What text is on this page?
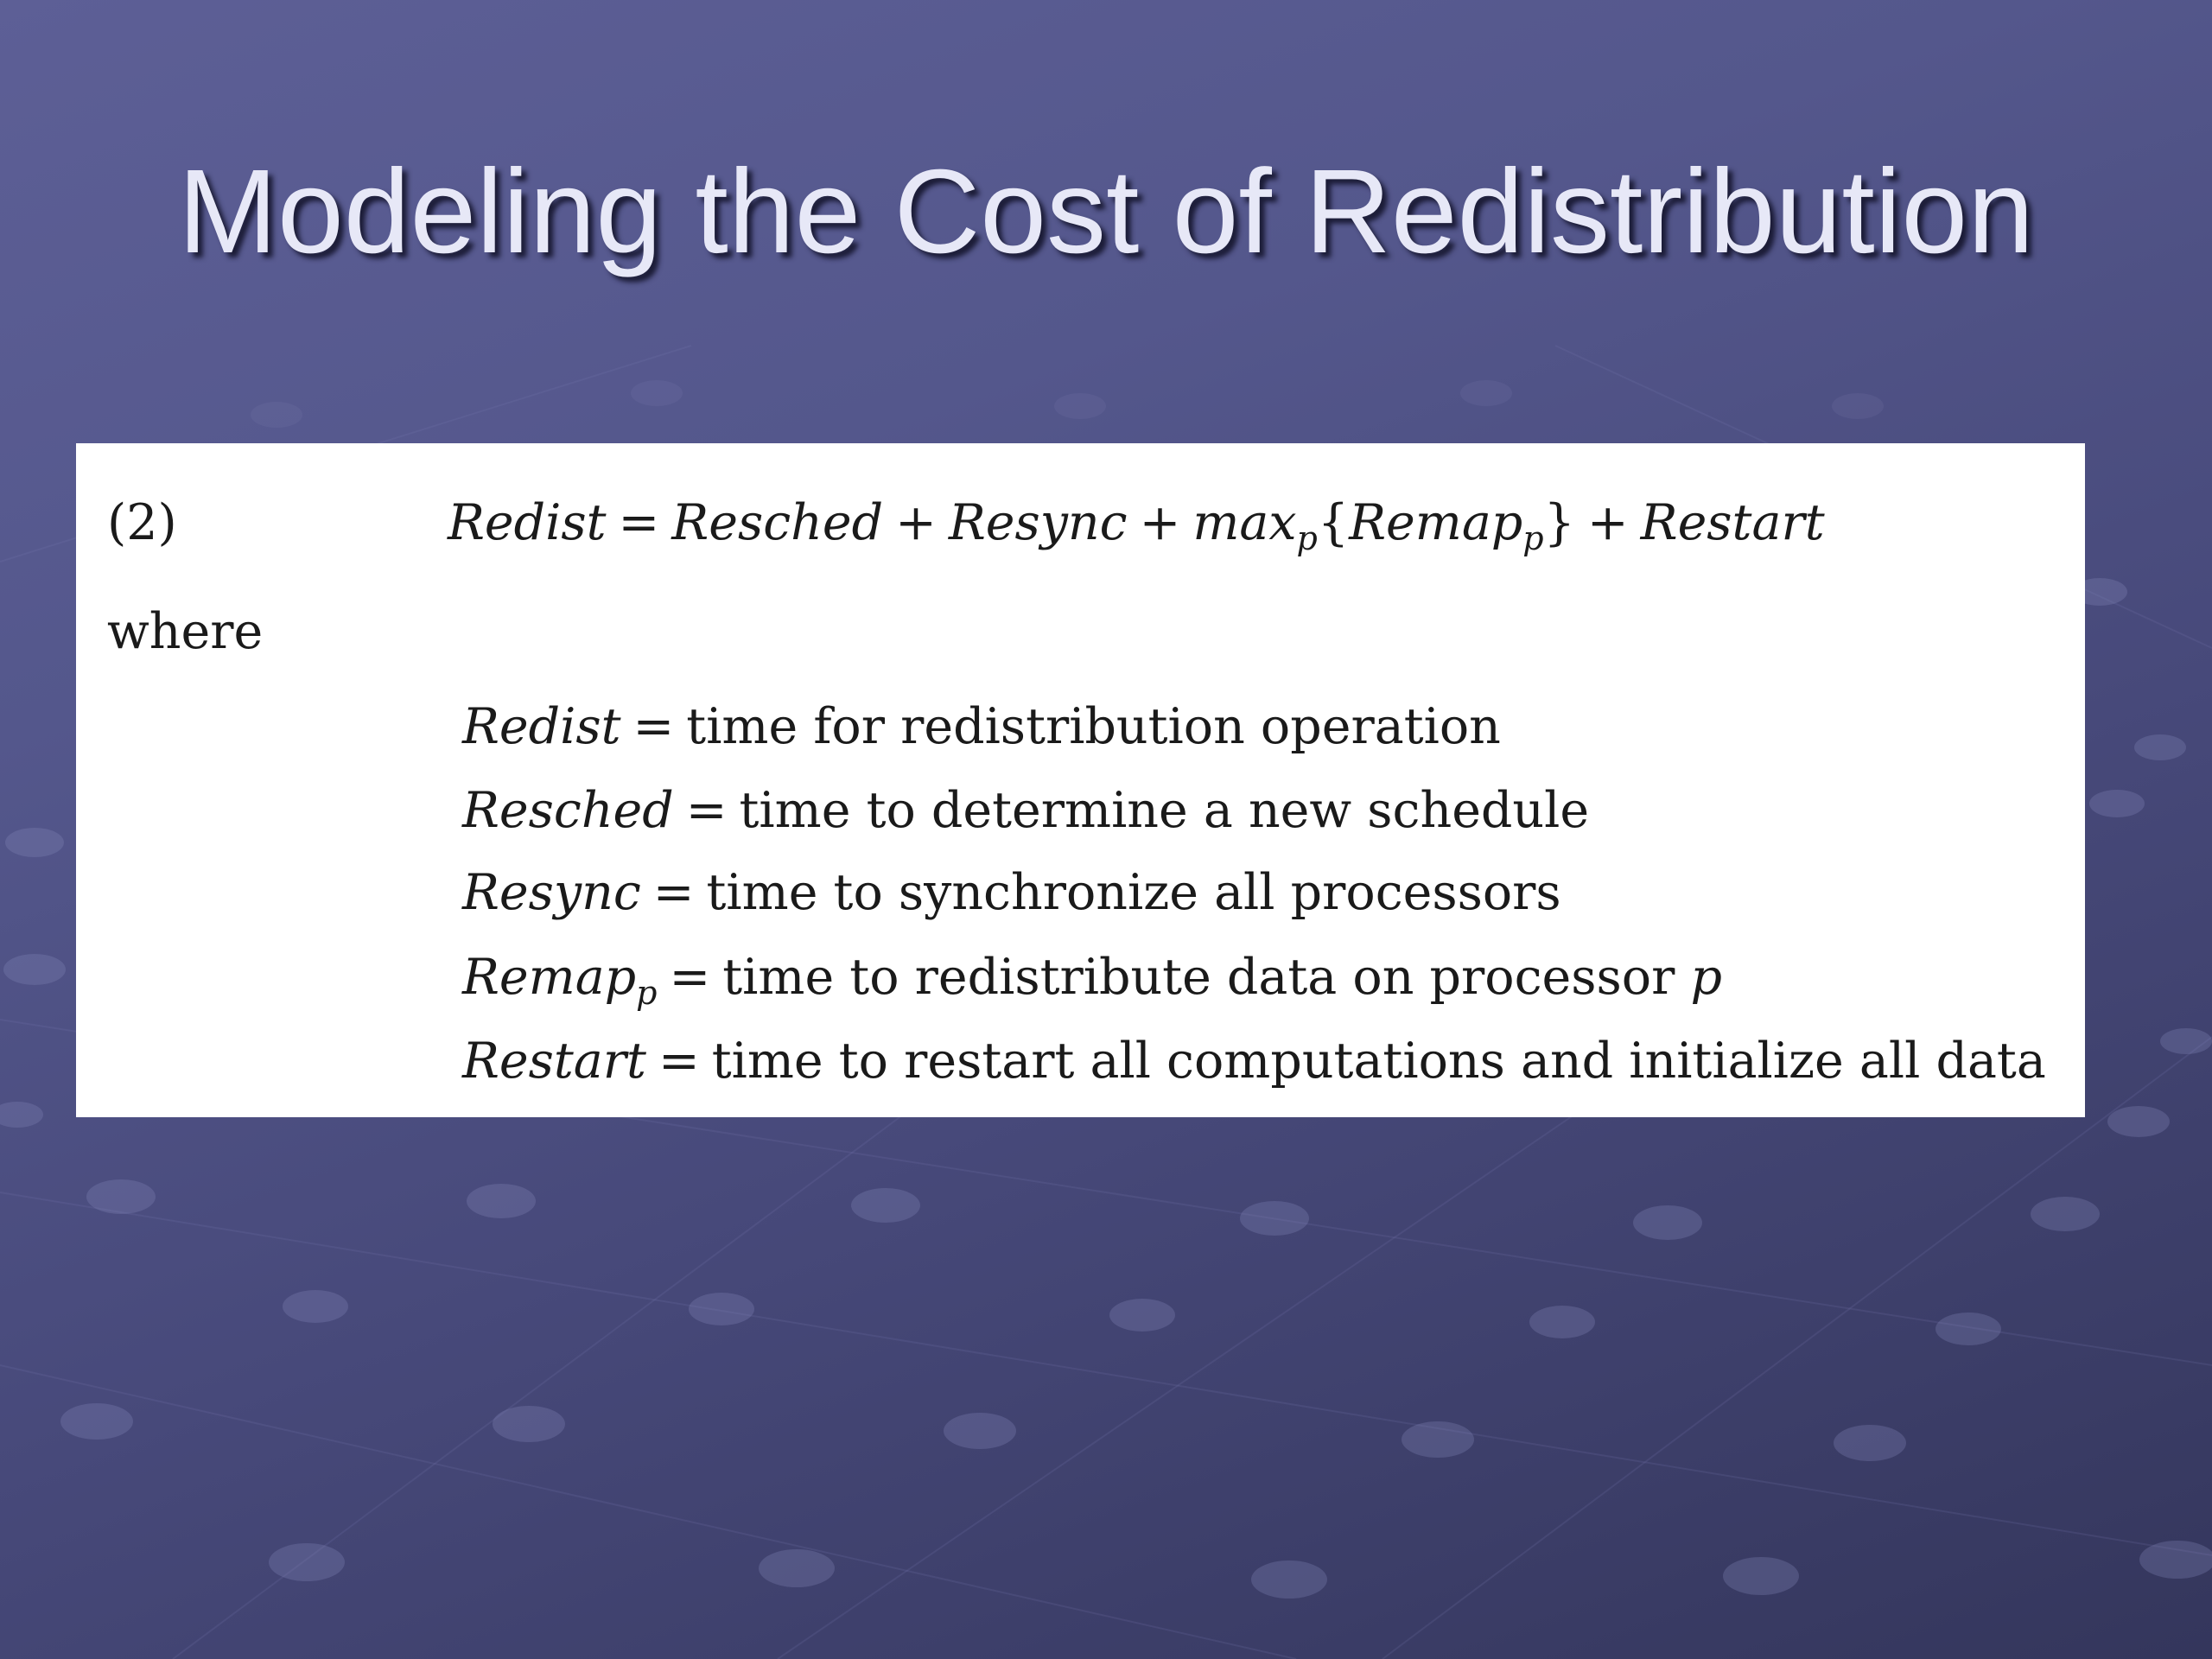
Modeling the Cost of Redistribution
(2)	Redist = Resched + Resync + $\max_p\{Remap_p\}$ + Restart
where
Redist = time for redistribution operation
Resched = time to determine a new schedule
Resync = time to synchronize all processors
Remap$_p$ = time to redistribute data on processor p
Restart = time to restart all computations and initialize all data
